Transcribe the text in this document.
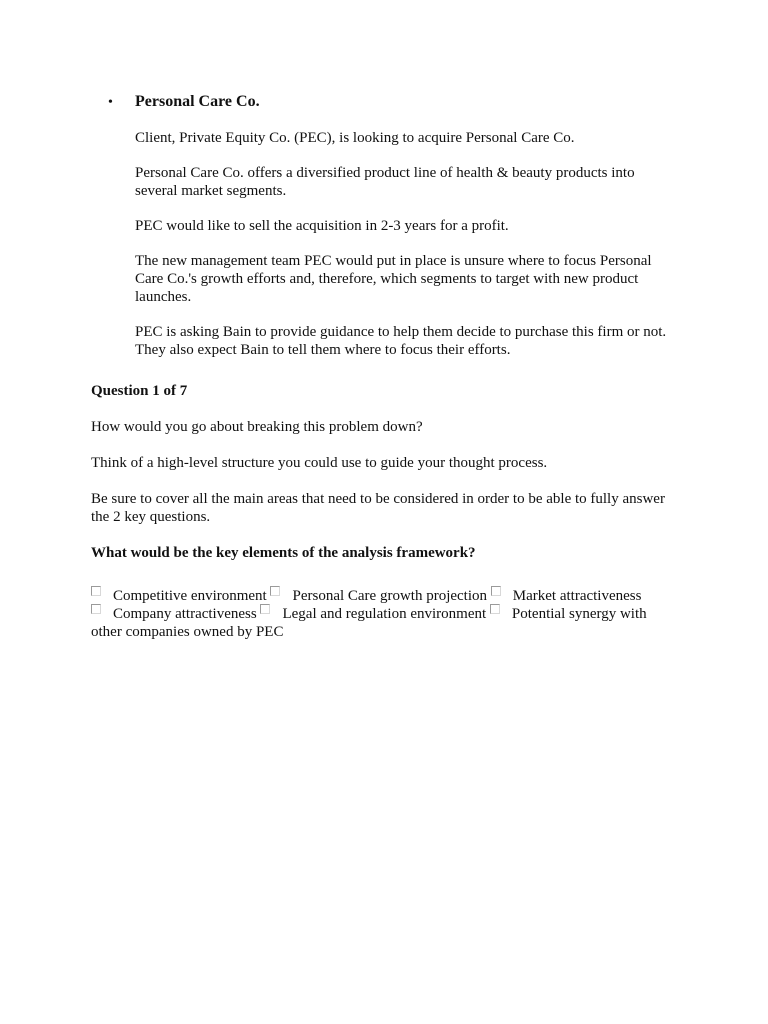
•	Personal Care Co.

Client, Private Equity Co. (PEC), is looking to acquire Personal Care Co.

Personal Care Co. offers a diversified product line of health & beauty products into several market segments.

PEC would like to sell the acquisition in 2-3 years for a profit.

The new management team PEC would put in place is unsure where to focus Personal Care Co.'s growth efforts and, therefore, which segments to target with new product launches.

PEC is asking Bain to provide guidance to help them decide to purchase this firm or not. They also expect Bain to tell them where to focus their efforts.

Question 1 of 7

How would you go about breaking this problem down?

Think of a high-level structure you could use to guide your thought process.

Be sure to cover all the main areas that need to be considered in order to be able to fully answer the 2 key questions.

What would be the key elements of the analysis framework?

Competitive environment Personal Care growth projection Market attractiveness
Company attractiveness Legal and regulation environment Potential synergy with
other companies owned by PEC
